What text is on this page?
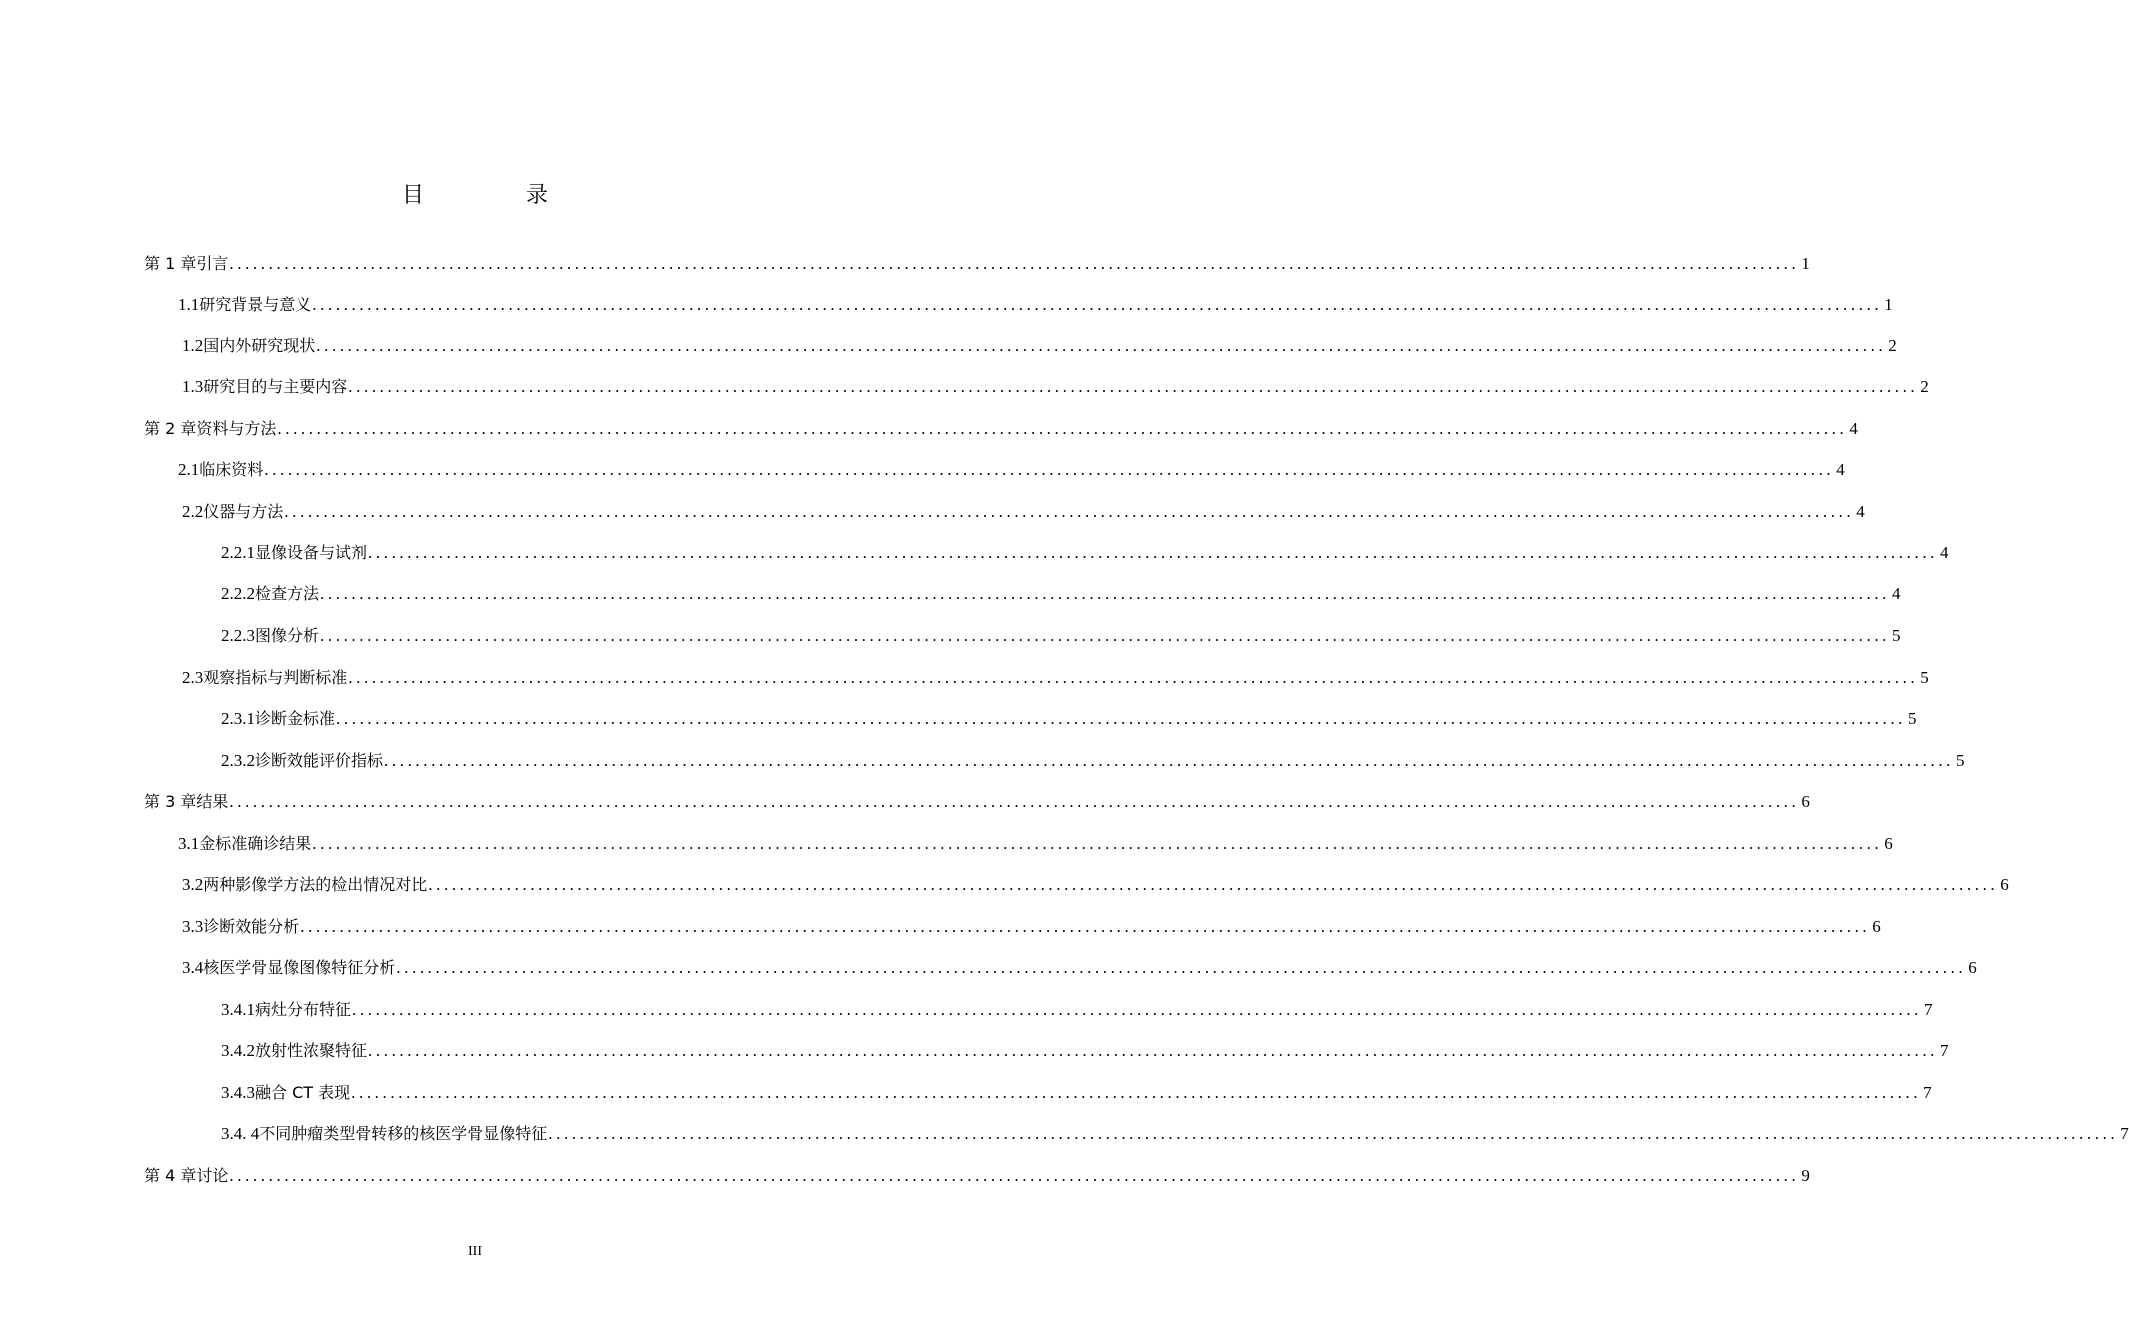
目　录
第 1 章 引言 ........................................................................................................................................................................................................ 1
1.1 研究背景与意义 ........................................................................................................................................................................................................ 1
1.2 国内外研究现状 ........................................................................................................................................................................................................ 2
1.3 研究目的与主要内容 ........................................................................................................................................................................................................ 2
第 2 章 资料与方法 ........................................................................................................................................................................................................ 4
2.1 临床资料 ........................................................................................................................................................................................................ 4
2.2 仪器与方法 ........................................................................................................................................................................................................ 4
2.2.1 显像设备与试剂 ........................................................................................................................................................................................................ 4
2.2.2 检查方法 ........................................................................................................................................................................................................ 4
2.2.3 图像分析 ........................................................................................................................................................................................................ 5
2.3 观察指标与判断标准 ........................................................................................................................................................................................................ 5
2.3.1 诊断金标准 ........................................................................................................................................................................................................ 5
2.3.2 诊断效能评价指标 ........................................................................................................................................................................................................ 5
第 3 章 结果 ........................................................................................................................................................................................................ 6
3.1 金标准确诊结果 ........................................................................................................................................................................................................ 6
3.2 两种影像学方法的检出情况对比 ........................................................................................................................................................................................................ 6
3.3 诊断效能分析 ........................................................................................................................................................................................................ 6
3.4 核医学骨显像图像特征分析 ........................................................................................................................................................................................................ 6
3.4.1 病灶分布特征 ........................................................................................................................................................................................................ 7
3.4.2 放射性浓聚特征 ........................................................................................................................................................................................................ 7
3.4.3 融合 CT 表现 ........................................................................................................................................................................................................ 7
3.4. 4 不同肿瘤类型骨转移的核医学骨显像特征 ........................................................................................................................................................................................................ 7
第 4 章 讨论 ........................................................................................................................................................................................................ 9
III
